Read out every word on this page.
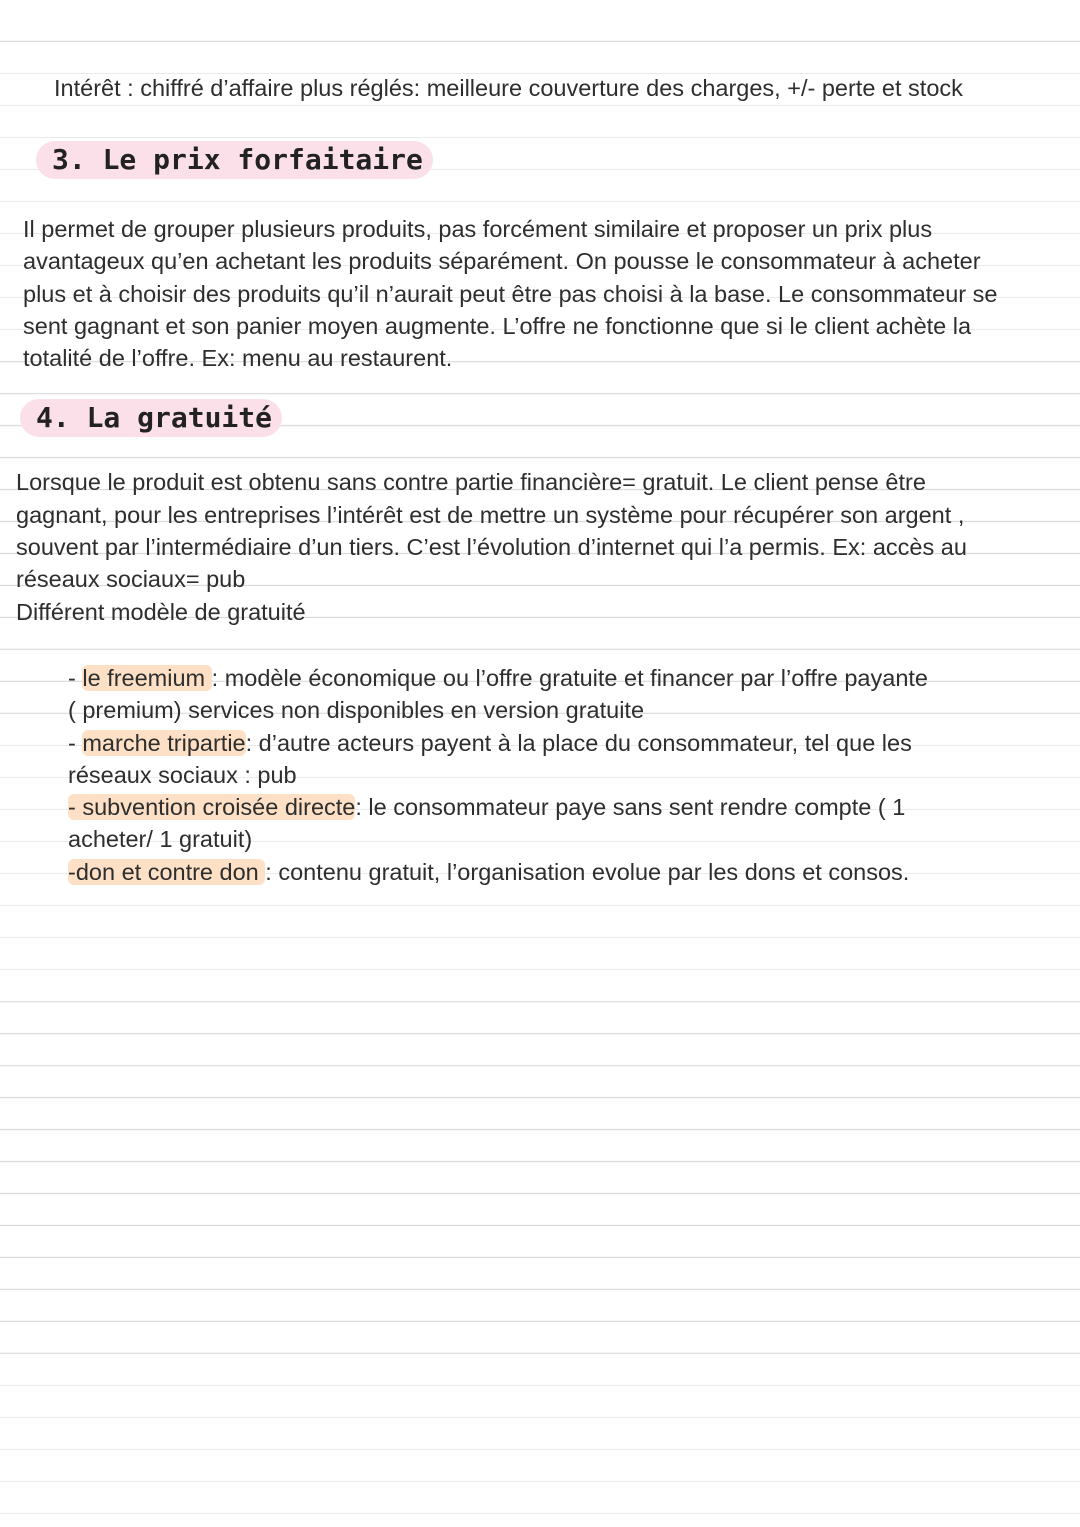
Intérêt : chiffré d’affaire plus réglés: meilleure couverture des charges, +/- perte et stock
3. Le prix forfaitaire
Il permet de grouper plusieurs produits, pas forcément similaire et proposer un prix plus
avantageux qu’en achetant les produits séparément. On pousse le consommateur à acheter
plus et à choisir des produits qu’il n’aurait peut être pas choisi à la base. Le consommateur se
sent gagnant et son panier moyen augmente. L’offre ne fonctionne que si le client achète la
totalité de l’offre. Ex: menu au restaurent.
4. La gratuité
Lorsque le produit est obtenu sans contre partie financière= gratuit. Le client pense être
gagnant, pour les entreprises l’intérêt est de mettre un système pour récupérer son argent ,
souvent par l’intermédiaire d’un tiers. C’est l’évolution d’internet qui l’a permis. Ex: accès au
réseaux sociaux= pub
Différent modèle de gratuité
- le freemium : modèle économique ou l’offre gratuite et financer par l’offre payante
( premium) services non disponibles en version gratuite
- marche tripartie: d’autre acteurs payent à la place du consommateur, tel que les
réseaux sociaux : pub
- subvention croisée directe: le consommateur paye sans sent rendre compte ( 1
acheter/ 1 gratuit)
-don et contre don : contenu gratuit, l’organisation evolue par les dons et consos.
